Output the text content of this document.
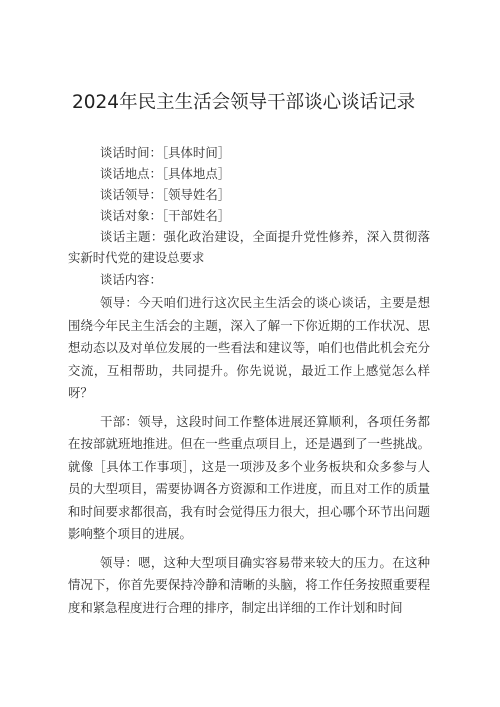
2024年民主生活会领导干部谈心谈话记录
谈话时间：［具体时间］
谈话地点：［具体地点］
谈话领导：［领导姓名］
谈话对象：［干部姓名］

谈话主题：强化政治建设，全面提升党性修养，深入贯彻落实新时代党的建设总要求

谈话内容：

领导：今天咱们进行这次民主生活会的谈心谈话，主要是想围绕今年民主生活会的主题，深入了解一下你近期的工作状况、思想动态以及对单位发展的一些看法和建议等，咱们也借此机会充分交流，互相帮助，共同提升。你先说说，最近工作上感觉怎么样呀？

干部：领导，这段时间工作整体进展还算顺利，各项任务都在按部就班地推进。但在一些重点项目上，还是遇到了一些挑战。就像［具体工作事项］，这是一项涉及多个业务板块和众多参与人员的大型项目，需要协调各方资源和工作进度，而且对工作的质量和时间要求都很高，我有时会觉得压力很大，担心哪个环节出问题影响整个项目的进展。

领导：嗯，这种大型项目确实容易带来较大的压力。在这种情况下，你首先要保持冷静和清晰的头脑，将工作任务按照重要程度和紧急程度进行合理的排序，制定出详细的工作计划和时间
